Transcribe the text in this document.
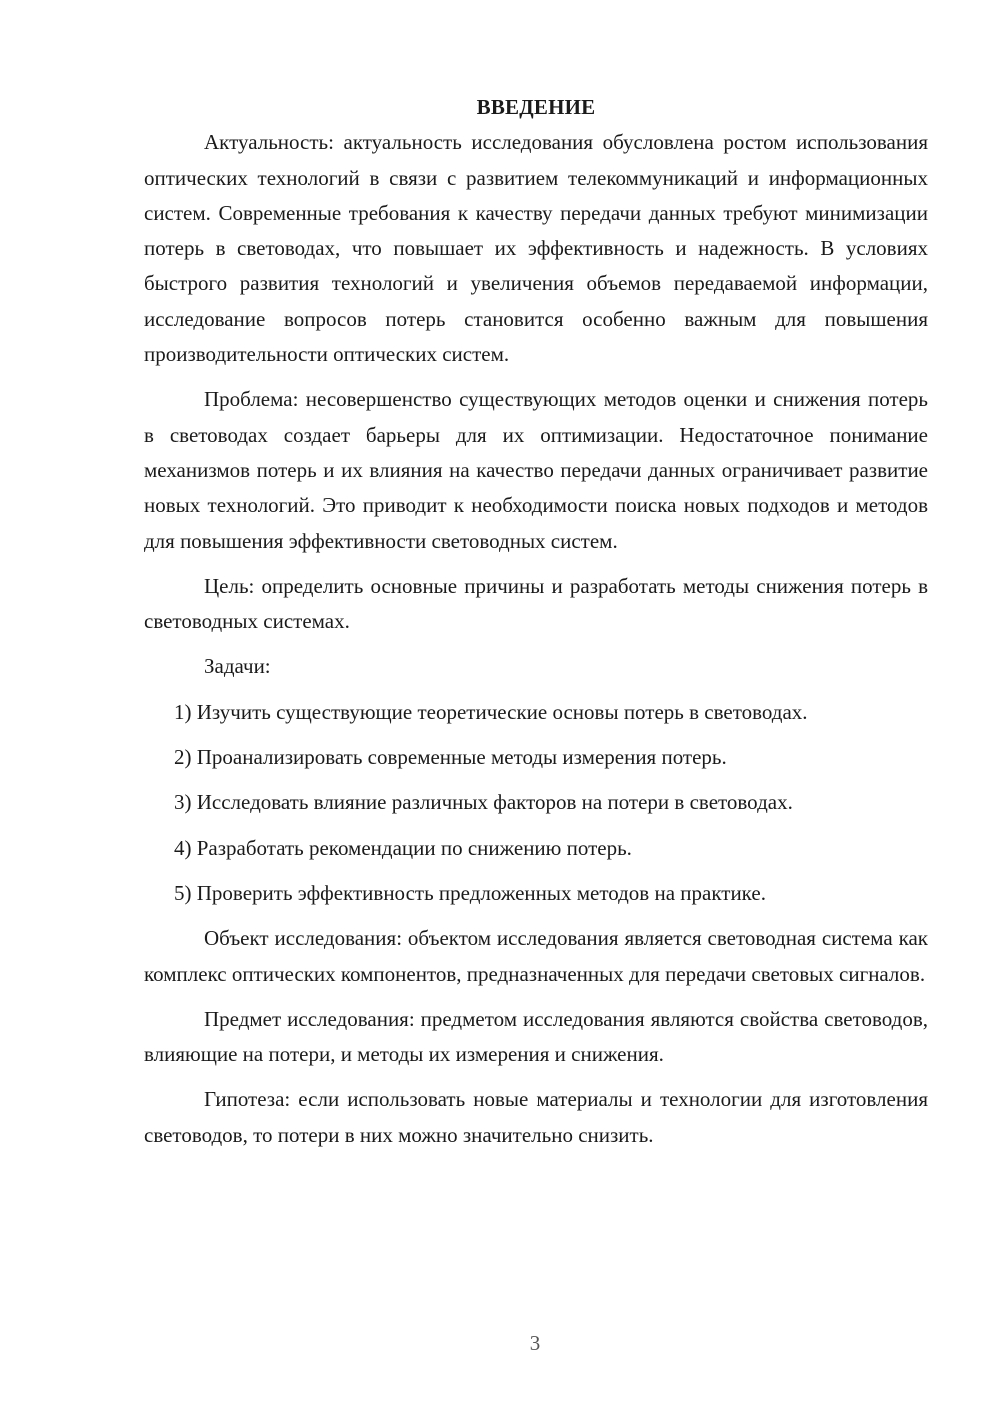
ВВЕДЕНИЕ

Актуальность: актуальность исследования обусловлена ростом использования оптических технологий в связи с развитием телекоммуникаций и информационных систем. Современные требования к качеству передачи данных требуют минимизации потерь в световодах, что повышает их эффективность и надежность. В условиях быстрого развития технологий и увеличения объемов передаваемой информации, исследование вопросов потерь становится особенно важным для повышения производительности оптических систем.

Проблема: несовершенство существующих методов оценки и снижения потерь в световодах создает барьеры для их оптимизации. Недостаточное понимание механизмов потерь и их влияния на качество передачи данных ограничивает развитие новых технологий. Это приводит к необходимости поиска новых подходов и методов для повышения эффективности световодных систем.

Цель: определить основные причины и разработать методы снижения потерь в световодных системах.

Задачи:

1) Изучить существующие теоретические основы потерь в световодах.

2) Проанализировать современные методы измерения потерь.

3) Исследовать влияние различных факторов на потери в световодах.

4) Разработать рекомендации по снижению потерь.

5) Проверить эффективность предложенных методов на практике.

Объект исследования: объектом исследования является световодная система как комплекс оптических компонентов, предназначенных для передачи световых сигналов.

Предмет исследования: предметом исследования являются свойства световодов, влияющие на потери, и методы их измерения и снижения.

Гипотеза: если использовать новые материалы и технологии для изготовления световодов, то потери в них можно значительно снизить.

3
